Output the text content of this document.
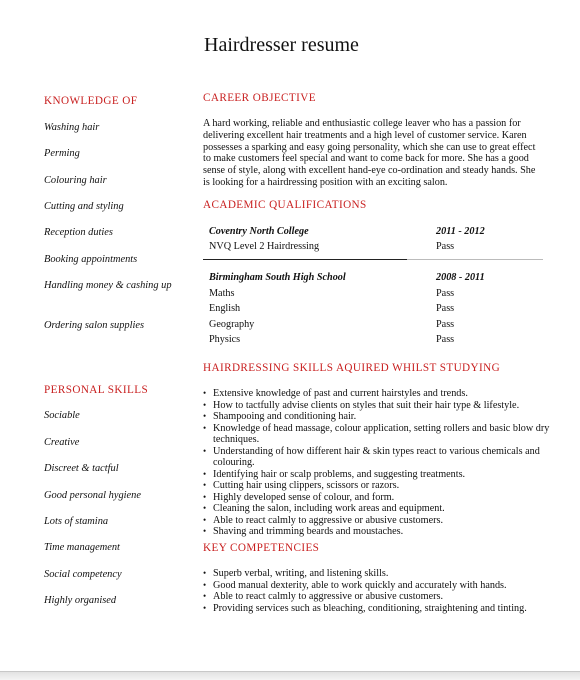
Hairdresser resume
KNOWLEDGE OF
Washing hair
Perming
Colouring hair
Cutting and styling
Reception duties
Booking appointments
Handling money & cashing up
Ordering salon supplies
PERSONAL SKILLS
Sociable
Creative
Discreet & tactful
Good personal hygiene
Lots of stamina
Time management
Social competency
Highly organised
CAREER OBJECTIVE

A hard working, reliable and enthusiastic college leaver who has a passion for delivering excellent hair treatments and a high level of customer service. Karen possesses a sparking and easy going personality, which she can use to great effect to make customers feel special and want to come back for more. She has a good sense of style, along with excellent hand-eye co-ordination and steady hands. She is looking for a hairdressing position with an exciting salon.

ACADEMIC QUALIFICATIONS
Coventry North College	2011 - 2012
NVQ Level 2 Hairdressing	Pass
Birmingham South High School	2008 - 2011
Maths	Pass
English	Pass
Geography	Pass
Physics	Pass
HAIRDRESSING SKILLS AQUIRED WHILST STUDYING
• Extensive knowledge of past and current hairstyles and trends.
• How to tactfully advise clients on styles that suit their hair type & lifestyle.
• Shampooing and conditioning hair.
• Knowledge of head massage, colour application, setting rollers and basic blow dry techniques.
• Understanding of how different hair & skin types react to various chemicals and colouring.
• Identifying hair or scalp problems, and suggesting treatments.
• Cutting hair using clippers, scissors or razors.
• Highly developed sense of colour, and form.
• Cleaning the salon, including work areas and equipment.
• Able to react calmly to aggressive or abusive customers.
• Shaving and trimming beards and moustaches.
KEY COMPETENCIES
• Superb verbal, writing, and listening skills.
• Good manual dexterity, able to work quickly and accurately with hands.
• Able to react calmly to aggressive or abusive customers.
• Providing services such as bleaching, conditioning, straightening and tinting.
